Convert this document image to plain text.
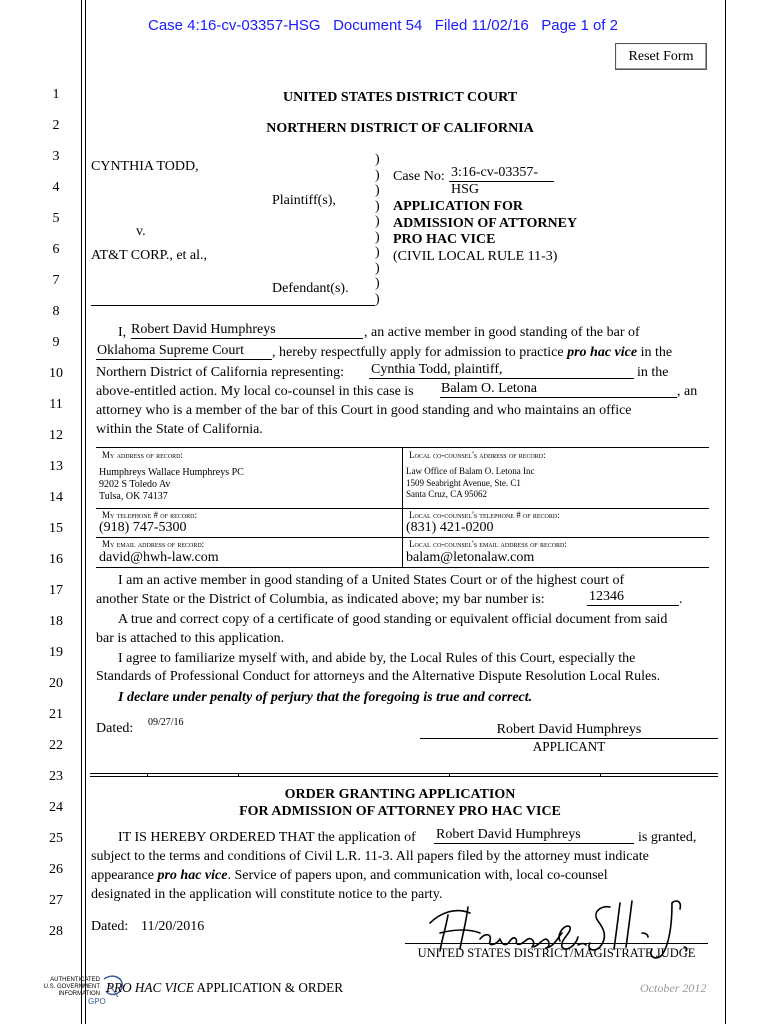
Case 4:16-cv-03357-HSG   Document 54   Filed 11/02/16   Page 1 of 2
Reset Form
1
2
3
4
5
6
7
8
9
10
11
12
13
14
15
16
17
18
19
20
21
22
23
24
25
26
27
28
UNITED STATES DISTRICT COURT
NORTHERN DISTRICT OF CALIFORNIA
CYNTHIA TODD,
Plaintiff(s),
v.
AT&T CORP., et al.,
Defendant(s).
)
)
)
)
)
)
)
)
)
)
Case No: 3:16-cv-03357-HSG
APPLICATION FOR
ADMISSION OF ATTORNEY
PRO HAC VICE
(CIVIL LOCAL RULE 11-3)
I, Robert David Humphreys	, an active member in good standing of the bar of
Oklahoma Supreme Court	, hereby respectfully apply for admission to practice pro hac vice in the
Northern District of California representing: Cynthia Todd, plaintiff,	in the
above-entitled action. My local co-counsel in this case is Balam O. Letona	, an
attorney who is a member of the bar of this Court in good standing and who maintains an office
within the State of California.
My address of record:
Humphreys Wallace Humphreys PC
9202 S Toledo Av
Tulsa, OK 74137
Local co-counsel's address of record:
Law Office of Balam O. Letona Inc
1509 Seabright Avenue, Ste. C1
Santa Cruz, CA 95062
My telephone # of record:
(918) 747-5300
Local co-counsel's telephone # of record:
(831) 421-0200
My email address of record:
david@hwh-law.com
Local co-counsel's email address of record:
balam@letonalaw.com
I am an active member in good standing of a United States Court or of the highest court of
another State or the District of Columbia, as indicated above; my bar number is:	12346	.
A true and correct copy of a certificate of good standing or equivalent official document from said
bar is attached to this application.
I agree to familiarize myself with, and abide by, the Local Rules of this Court, especially the
Standards of Professional Conduct for attorneys and the Alternative Dispute Resolution Local Rules.
I declare under penalty of perjury that the foregoing is true and correct.
Dated: 09/27/16	Robert David Humphreys
APPLICANT
ORDER GRANTING APPLICATION
FOR ADMISSION OF ATTORNEY PRO HAC VICE
IT IS HEREBY ORDERED THAT the application of Robert David Humphreys	is granted,
subject to the terms and conditions of Civil L.R. 11-3. All papers filed by the attorney must indicate
appearance pro hac vice. Service of papers upon, and communication with, local co-counsel
designated in the application will constitute notice to the party.
Dated: 11/20/2016
UNITED STATES DISTRICT/MAGISTRATE JUDGE
AUTHENTICATED
U.S. GOVERNMENT
INFORMATION
GPO
PRO HAC VICE APPLICATION & ORDER	October 2012
